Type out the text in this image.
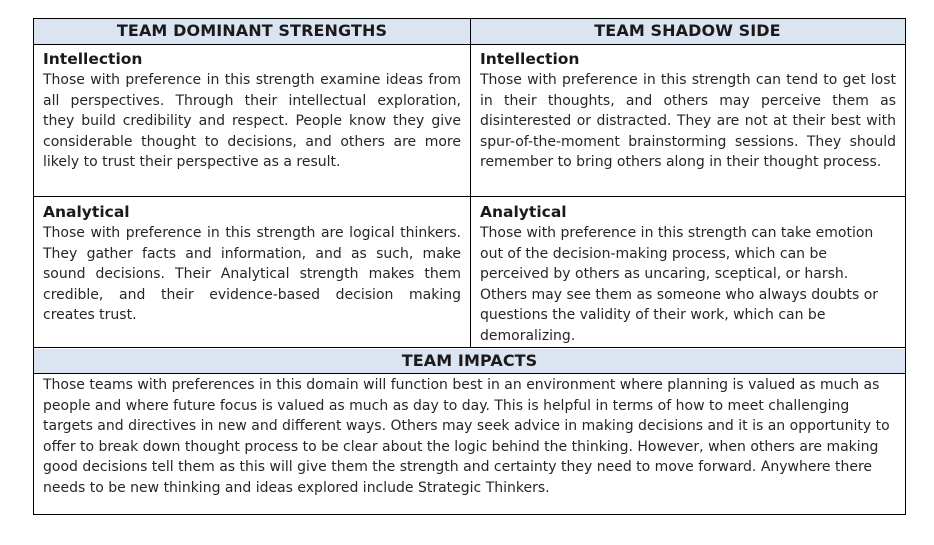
TEAM DOMINANT STRENGTHS	TEAM SHADOW SIDE
Intellection
Those with preference in this strength examine ideas from all perspectives. Through their intellectual exploration, they build credibility and respect. People know they give considerable thought to decisions, and others are more likely to trust their perspective as a result.
Intellection
Those with preference in this strength can tend to get lost in their thoughts, and others may perceive them as disinterested or distracted. They are not at their best with spur-of-the-moment brainstorming sessions. They should remember to bring others along in their thought process.
Analytical
Those with preference in this strength are logical thinkers. They gather facts and information, and as such, make sound decisions. Their Analytical strength makes them credible, and their evidence-based decision making creates trust.
Analytical
Those with preference in this strength can take emotion out of the decision-making process, which can be perceived by others as uncaring, sceptical, or harsh. Others may see them as someone who always doubts or questions the validity of their work, which can be demoralizing.
TEAM IMPACTS
Those teams with preferences in this domain will function best in an environment where planning is valued as much as people and where future focus is valued as much as day to day. This is helpful in terms of how to meet challenging targets and directives in new and different ways. Others may seek advice in making decisions and it is an opportunity to offer to break down thought process to be clear about the logic behind the thinking. However, when others are making good decisions tell them as this will give them the strength and certainty they need to move forward. Anywhere there needs to be new thinking and ideas explored include Strategic Thinkers.
